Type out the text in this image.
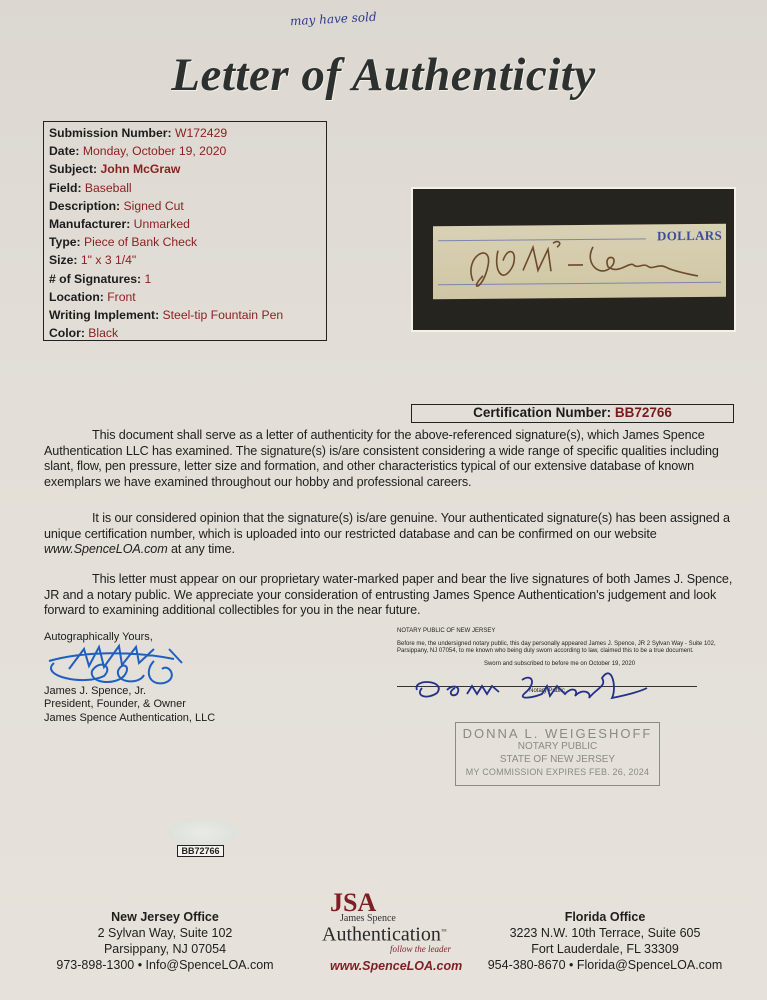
may have sold
Letter of Authenticity
Submission Number: W172429
Date: Monday, October 19, 2020
Subject: John McGraw
Field: Baseball
Description: Signed Cut
Manufacturer: Unmarked
Type: Piece of Bank Check
Size: 1" x 3 1/4"
# of Signatures: 1
Location: Front
Writing Implement: Steel-tip Fountain Pen
Color: Black
DOLLARS
Certification Number: BB72766

This document shall serve as a letter of authenticity for the above-referenced signature(s), which James Spence Authentication LLC has examined. The signature(s) is/are consistent considering a wide range of specific qualities including slant, flow, pen pressure, letter size and formation, and other characteristics typical of our extensive database of known exemplars we have examined throughout our hobby and professional careers.

It is our considered opinion that the signature(s) is/are genuine. Your authenticated signature(s) has been assigned a unique certification number, which is uploaded into our restricted database and can be confirmed on our website www.SpenceLOA.com at any time.

This letter must appear on our proprietary water-marked paper and bear the live signatures of both James J. Spence, JR and a notary public. We appreciate your consideration of entrusting James Spence Authentication's judgement and look forward to examining additional collectibles for you in the near future.

Autographically Yours,
James J. Spence, Jr.
President, Founder, & Owner
James Spence Authentication, LLC
NOTARY PUBLIC OF NEW JERSEY
Before me, the undersigned notary public, this day personally appeared James J. Spence, JR 2 Sylvan Way - Suite 102, Parsippany, NJ 07054, to me known who being duly sworn according to law, claimed this to be a true document.
Sworn and subscribed to before me on October 19, 2020
Notary Public
DONNA L. WEIGESHOFF
NOTARY PUBLIC
STATE OF NEW JERSEY
MY COMMISSION EXPIRES FEB. 26, 2024
BB72766
New Jersey Office
2 Sylvan Way, Suite 102
Parsippany, NJ 07054
973-898-1300 • Info@SpenceLOA.com
JSA
James Spence
Authentication™
follow the leader
www.SpenceLOA.com
Florida Office
3223 N.W. 10th Terrace, Suite 605
Fort Lauderdale, FL 33309
954-380-8670 • Florida@SpenceLOA.com
